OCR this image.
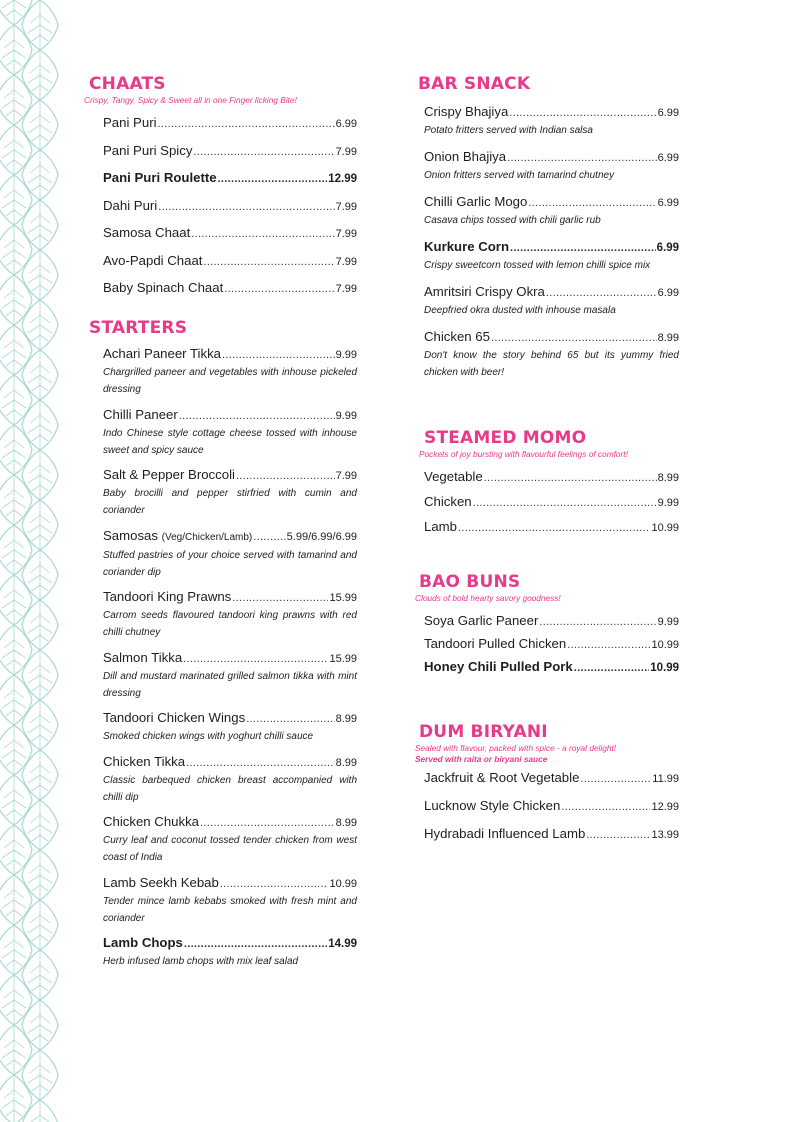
CHAATS

Crispy, Tangy, Spicy & Sweet all in one Finger licking Bite!

Pani Puri .....	6.99
Pani Puri Spicy .....	7.99
Pani Puri Roulette .....	12.99
Dahi Puri .....	7.99
Samosa Chaat .....	7.99
Avo-Papdi Chaat .....	7.99
Baby Spinach Chaat .....	7.99
STARTERS
Achari Paneer Tikka .....	9.99
Chargrilled paneer and vegetables with inhouse pickeled dressing
Chilli Paneer .....	9.99
Indo Chinese style cottage cheese tossed with inhouse sweet and spicy sauce
Salt & Pepper Broccoli .....	7.99
Baby brocilli and pepper stirfried with cumin and coriander
Samosas (Veg/Chicken/Lamb) .....	5.99/6.99/6.99
Stuffed pastries of your choice served with tamarind and coriander dip
Tandoori King Prawns .....	15.99
Carrom seeds flavoured tandoori king prawns with red chilli chutney
Salmon Tikka .....	15.99
Dill and mustard marinated grilled salmon tikka with mint dressing
Tandoori Chicken Wings .....	8.99
Smoked chicken wings with yoghurt chilli sauce
Chicken Tikka .....	8.99
Classic barbequed chicken breast accompanied with chilli dip
Chicken Chukka .....	8.99
Curry leaf and coconut tossed tender chicken from west coast of India
Lamb Seekh Kebab .....	10.99
Tender mince lamb kebabs smoked with fresh mint and coriander
Lamb Chops .....	14.99
Herb infused lamb chops with mix leaf salad
BAR SNACK
Crispy Bhajiya .....	6.99
Potato fritters served with Indian salsa
Onion Bhajiya .....	6.99
Onion fritters served with tamarind chutney
Chilli Garlic Mogo .....	6.99
Casava chips tossed with chili garlic rub
Kurkure Corn .....	6.99
Crispy sweetcorn tossed with lemon chilli spice mix
Amritsiri Crispy Okra .....	6.99
Deepfried okra dusted with inhouse masala
Chicken 65 .....	8.99
Don't know the story behind 65 but its yummy fried chicken with beer!
STEAMED MOMO

Pockets of joy bursting with flavourful feelings of comfort!

Vegetable .....	8.99
Chicken .....	9.99
Lamb .....	10.99
BAO BUNS

Clouds of bold hearty savory goodness!

Soya Garlic Paneer .....	9.99
Tandoori Pulled Chicken .....	10.99
Honey Chili Pulled Pork .....	10.99
DUM BIRYANI

Sealed with flavour, packed with spice - a royal delight!

Served with raita or biryani sauce

Jackfruit & Root Vegetable .....	11.99
Lucknow Style Chicken .....	12.99
Hydrabadi Influenced Lamb .....	13.99
